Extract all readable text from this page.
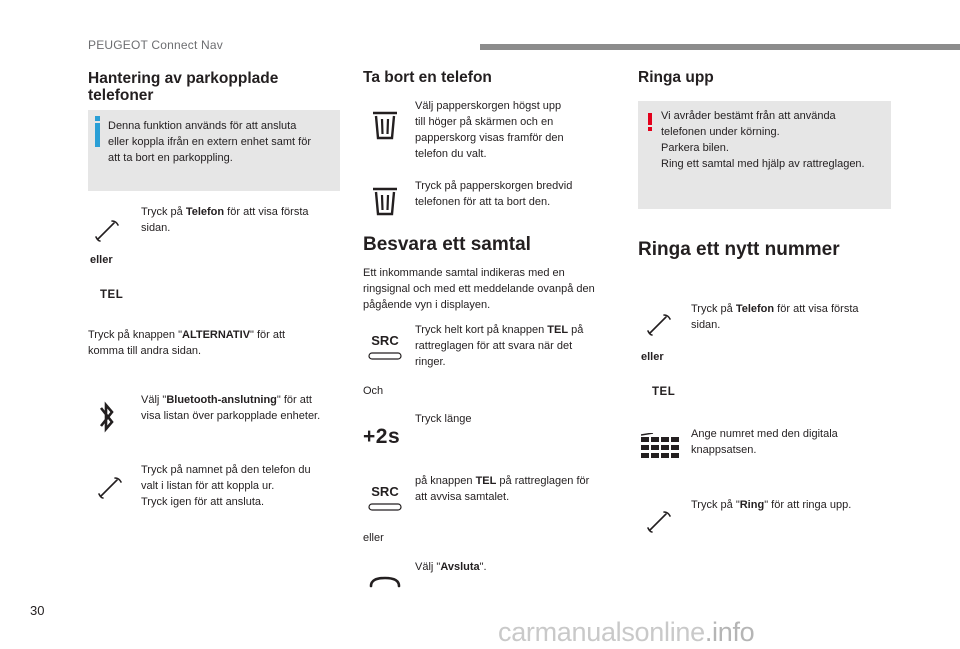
PEUGEOT Connect Nav
Hantering av parkopplade
telefoner
Denna funktion används för att ansluta
eller koppla ifrån en extern enhet samt för
att ta bort en parkoppling.
Tryck på Telefon för att visa första
sidan.
eller
TEL
Tryck på knappen "ALTERNATIV" för att
komma till andra sidan.
Välj "Bluetooth-anslutning" för att
visa listan över parkopplade enheter.
Tryck på namnet på den telefon du
valt i listan för att koppla ur.
Tryck igen för att ansluta.
Ta bort en telefon
Välj papperskorgen högst upp
till höger på skärmen och en
papperskorg visas framför den
telefon du valt.
Tryck på papperskorgen bredvid
telefonen för att ta bort den.
Besvara ett samtal
Ett inkommande samtal indikeras med en
ringsignal och med ett meddelande ovanpå den
pågående vyn i displayen.
SRC
Tryck helt kort på knappen TEL på
rattreglagen för att svara när det
ringer.
Och
Tryck länge
+2s
SRC
på knappen TEL på rattreglagen för
att avvisa samtalet.
eller
Välj "Avsluta".
Ringa upp
Vi avråder bestämt från att använda
telefonen under körning.
Parkera bilen.
Ring ett samtal med hjälp av rattreglagen.
Ringa ett nytt nummer
Tryck på Telefon för att visa första
sidan.
eller
TEL
Ange numret med den digitala
knappsatsen.
Tryck på "Ring" för att ringa upp.
30
carmanualsonline.info
